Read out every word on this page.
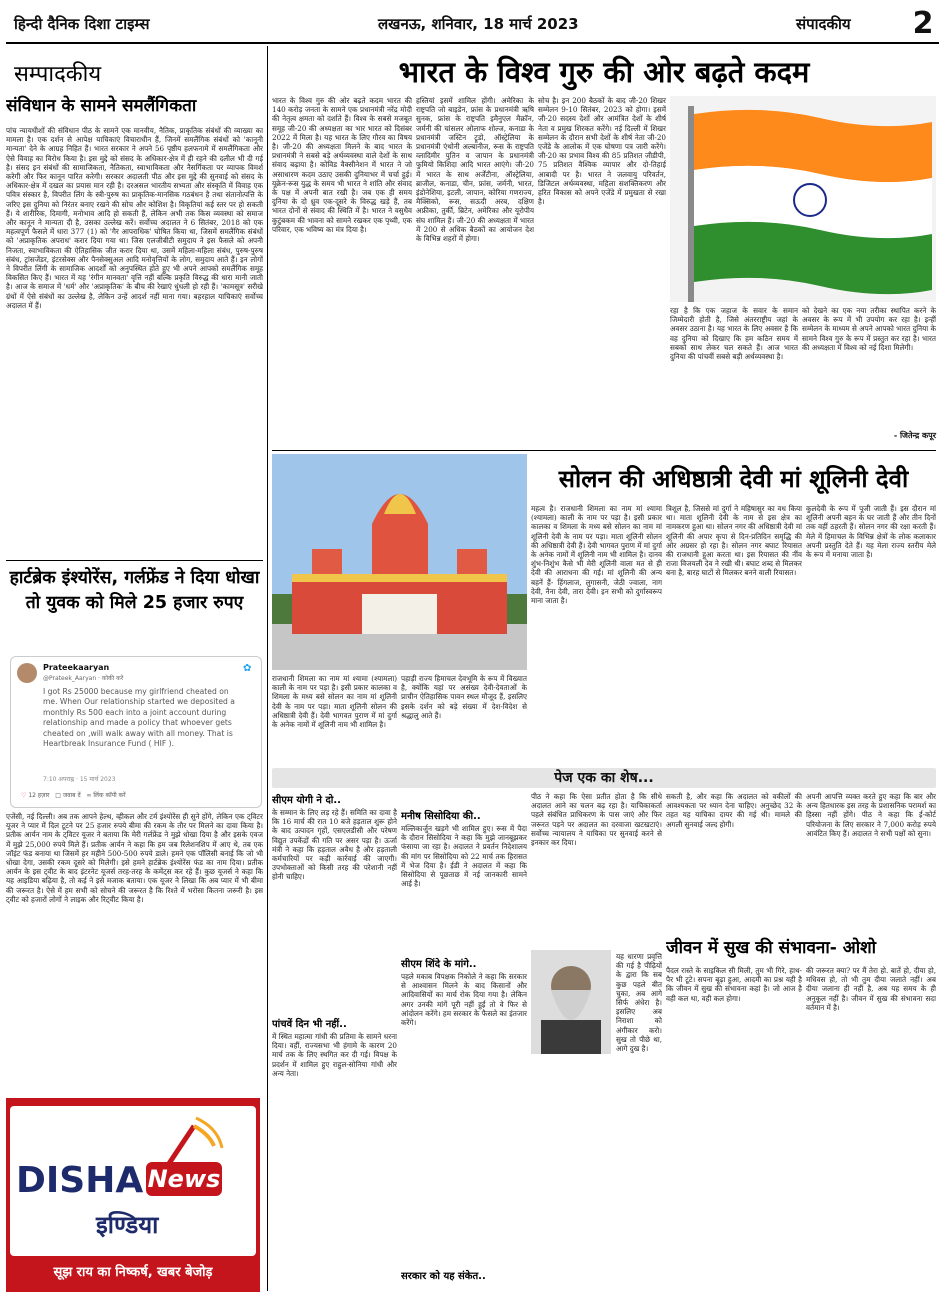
हिन्दी दैनिक दिशा टाइम्स	लखनऊ, शनिवार, 18 मार्च 2023	संपादकीय 2
सम्पादकीय
संविधान के सामने समलैंगिकता

पांच न्यायधीशों की संविधान पीठ के सामने एक मानवीय, नैतिक, प्राकृतिक संबंधों की व्याख्या का मामला है। एक दर्शन से आपेक्ष याचिकाएं विचाराधीन हैं, जिनमें समलैंगिक संबंधों को 'कानूनी मान्यता' देने के आग्रह निहित हैं। भारत सरकार ने अपने 56 पृष्ठीय हलफनामे में समलैंगिकता और ऐसे विवाह का विरोध किया है। इस मुद्दे को संसद के अधिकार-क्षेत्र में ही रहने की दलील भी दी गई है। संसद इन संबंधों की सामाजिकता, नैतिकता, स्वाभाविकता और नैसर्गिकता पर व्यापक विमर्श करेगी और फिर कानून पारित करेगी। सरकार अदालती पीठ और इस मुद्दे की सुनवाई को संसद के अधिकार-क्षेत्र में दखल का प्रयास मान रही है। दरअसल भारतीय सभ्यता और संस्कृति में विवाह एक पवित्र संस्कार है, विपरीत लिंग के स्त्री-पुरुष का प्राकृतिक-मानसिक गठबंधन है तथा संतानोत्पत्ति के जरिए इस दुनिया को निरंतर बनाए रखने की सोच और कोशिश है। विकृतियां कई स्तर पर हो सकती हैं। ये शारीरिक, दिमागी, मनोभाव आदि हो सकती हैं, लेकिन अभी तक किस व्यवस्था को समाज और कानून ने मान्यता दी है, उसका उल्लेख करें। सर्वोच्च अदालत ने 6 सितंबर, 2018 को एक महत्वपूर्ण फैसले में धारा 377 (1) को 'गैर आपराधिक' घोषित किया था, जिसमें समलैंगिक संबंधों को 'अप्राकृतिक अपराध' करार दिया गया था। जिस एलजीबीटी समुदाय ने इस फैसले को अपनी निजता, स्वाभाविकता की ऐतिहासिक जीत करार दिया था, उसमें महिला-महिला संबंध, पुरुष-पुरुष संबंध, ट्रांसजेंडर, इंटरसेक्स और पैनसेक्सुअल आदि मनोवृत्तियों के लोग, समुदाय आते हैं। इन लोगों ने विपरीत लिंगी के सामाजिक आदर्शों को अनुपस्थित होते हुए भी अपने आपको समलैंगिक समूह विकसित किए हैं। भारत में यह 'रंगीन मानवता' वृत्ति नहीं बल्कि प्रकृति विरुद्ध की धारा मानी जाती है। आज के समाज में 'धर्म' और 'अप्राकृतिक' के बीच की रेखाएं धुंधली हो रही हैं। 'कामसूत्र' सरीखे ग्रंथों में ऐसे संबंधों का उल्लेख है, लेकिन उन्हें आदर्श नहीं माना गया। बहरहाल याचिकाएं सर्वोच्च अदालत में हैं।

हार्टब्रेक इंश्योरेंस, गर्लफ्रेंड ने दिया धोखा तो युवक को मिले 25 हजार रुपए
Prateekaaryan
@Prateek_Aaryan · कोकी करें
✿
I got Rs 25000 because my girlfriend cheated on me. When Our relationship started we deposited a monthly Rs 500 each into a joint account during relationship and made a policy that whoever gets cheated on ,will walk away with all money. That is Heartbreak Insurance Fund ( HIF ).
7:10 अपराह्न · 15 मार्च 2023
♡ 12 हज़ार □ जवाब दें ∞ लिंक कॉपी करें

एजेंसी, नई दिल्ली। अब तक आपने हेल्थ, व्हीकल और टर्म इंश्योरेंस ही सुने होंगे, लेकिन एक ट्विटर यूजर ने प्यार में दिल टूटने पर 25 हजार रुपये बीमा की रकम के तौर पर मिलने का दावा किया है। प्रतीक आर्यन नाम के ट्विटर यूजर ने बताया कि मेरी गर्लफ्रेंड ने मुझे धोखा दिया है और इसके एवज में मुझे 25,000 रुपये मिले हैं। प्रतीक आर्यन ने कहा कि हम जब रिलेशनशिप में आए थे, तब एक जॉइंट फंड बनाया था जिसमें हर महीने 500-500 रुपये डाले। हमने एक पॉलिसी बनाई कि जो भी धोखा देगा, उसकी रकम दूसरे को मिलेगी। इसे हमने हार्टब्रेक इंश्योरेंस फंड का नाम दिया। प्रतीक आर्यन के इस ट्वीट के बाद इंटरनेट यूजर्स तरह-तरह के कमेंट्स कर रहे हैं। कुछ यूजर्स ने कहा कि यह आइडिया बढ़िया है, तो कई ने इसे मजाक बताया। एक यूजर ने लिखा कि अब प्यार में भी बीमा की जरूरत है। ऐसे में हम सभी को सोचने की जरूरत है कि रिश्ते में भरोसा कितना जरूरी है। इस ट्वीट को हजारों लोगों ने लाइक और रिट्वीट किया है।

DISHA News
इण्डिया
सूझ राय का निष्कर्ष, खबर बेजोड़
भारत के विश्व गुरु की ओर बढ़ते कदम

भारत के विश्व गुरु की ओर बढ़ते कदम भारत की 140 करोड़ जनता के सामने एक प्रधानमंत्री नरेंद्र मोदी की नेतृत्व क्षमता को दर्शाते हैं। विश्व के सबसे मजबूत समूह जी-20 की अध्यक्षता का भार भारत को दिसंबर 2022 में मिला है। यह भारत के लिए गौरव का विषय है। जी-20 की अध्यक्षता मिलने के बाद भारत के प्रधानमंत्री ने सबसे बड़े अर्थव्यवस्था वाले देशों के साथ संवाद बढ़ाया है। कोविड वैक्सीनेशन में भारत ने जो असाधारण कदम उठाए उसकी दुनियाभर में चर्चा हुई। यूक्रेन-रूस युद्ध के समय भी भारत ने शांति और संवाद के पक्ष में अपनी बात रखी है। जब एक ही समय दुनिया के दो ध्रुव एक-दूसरे के विरुद्ध खड़े हैं, तब भारत दोनों से संवाद की स्थिति में है। भारत ने वसुधैव कुटुंबकम की भावना को सामने रखकर एक पृथ्वी, एक परिवार, एक भविष्य का मंत्र दिया है।

हस्तियां इसमें शामिल होंगी। अमेरिका के राष्ट्रपति जो बाइडेन, फ्रांस के प्रधानमंत्री ऋषि सुनक, फ्रांस के राष्ट्रपति इमैनुएल मैक्रॉन, जर्मनी की चांसलर ओलाफ शोल्ज, कनाडा के प्रधानमंत्री जस्टिन ट्रूडो, ऑस्ट्रेलिया के प्रधानमंत्री एंथोनी अल्बानीज, रूस के राष्ट्रपति व्लादिमीर पुतिन व जापान के प्रधानमंत्री फुमियो किशिदा आदि भारत आएंगे। जी-20 में भारत के साथ अर्जेंटीना, ऑस्ट्रेलिया, ब्राजील, कनाडा, चीन, फ्रांस, जर्मनी, भारत, इंडोनेशिया, इटली, जापान, कोरिया गणराज्य, मैक्सिको, रूस, सऊदी अरब, दक्षिण अफ्रीका, तुर्की, ब्रिटेन, अमेरिका और यूरोपीय संघ शामिल हैं। जी-20 की अध्यक्षता में भारत में 200 से अधिक बैठकों का आयोजन देश के विभिन्न शहरों में होगा।

सोच है। इन 200 बैठकों के बाद जी-20 शिखर सम्मेलन 9-10 सितंबर, 2023 को होगा। इसमें जी-20 सदस्य देशों और आमंत्रित देशों के शीर्ष नेता व प्रमुख शिरकत करेंगे। नई दिल्ली में शिखर सम्मेलन के दौरान सभी देशों के शीर्ष नेता जी-20 एजेंडे के आलोक में एक घोषणा पत्र जारी करेंगे। जी-20 का प्रभाव विश्व की 85 प्रतिशत जीडीपी, 75 प्रतिशत वैश्विक व्यापार और दो-तिहाई आबादी पर है। भारत ने जलवायु परिवर्तन, डिजिटल अर्थव्यवस्था, महिला सशक्तिकरण और हरित विकास को अपने एजेंडे में प्रमुखता से रखा है।

रहा है कि एक जहाज के सवार के समान जिम्मेदारी होती है, जिसे अंतरराष्ट्रीय जहां के अवसर उठाना है। यह भारत के लिए अवसर है कि वह दुनिया को दिखाए कि हम कठिन समय में सबको साथ लेकर चल सकते हैं। आज भारत दुनिया की पांचवीं सबसे बड़ी अर्थव्यवस्था है।

को देखने का एक नया तरीका स्थापित करने के अवसर के रूप में भी उपयोग कर रहा है। इन्हीं सम्मेलन के माध्यम से अपने आपको भारत दुनिया के सामने विश्व गुरु के रूप में प्रस्तुत कर रहा है। भारत की अध्यक्षता में विश्व को नई दिशा मिलेगी।

- जितेन्द्र कपूर
सोलन की अधिष्ठात्री देवी मां शूलिनी देवी

महत्व है। राजधानी शिमला का नाम मां श्यामा (श्यामला) काली के नाम पर पड़ा है। इसी प्रकार कालका व शिमला के मध्य बसे सोलन का नाम मां शूलिनी देवी के नाम पर पड़ा। माता शूलिनी सोलन की अधिष्ठात्री देवी हैं। देवी भागवत पुराण में मां दुर्गा के अनेक नामों में शूलिनी नाम भी शामिल है। दानव शुंभ-निशुंभ कैसे भी मेरी शूलिनी वाला मत से ही देवी की आराधना की गई। मां शूलिनी की अन्य बहनें हैं- हिंगलाज, लुगासनी, जेठी ज्वाला, नाग देवी, नैना देवी, तारा देवी। इन सभी को दुर्गास्वरूप माना जाता है।

त्रिशूल है, जिससे मां दुर्गा ने महिषासुर का वध किया था। माता शूलिनी देवी के नाम से इस क्षेत्र का नामकरण हुआ था। सोलन नगर की अधिष्ठात्री देवी मां शूलिनी की अपार कृपा से दिन-प्रतिदिन समृद्धि की ओर अग्रसर हो रहा है। सोलन नगर बघाट रियासत की राजधानी हुआ करता था। इस रियासत की नींव राजा विजयली देव ने रखी थी। बघाट शब्द से मिलकर बना है, बारह घाटों से मिलकर बनने वाली रियासत।

कुलदेवी के रूप में पूजी जाती हैं। इस दौरान मां शूलिनी अपनी बहन के घर जाती हैं और तीन दिनों तक वहीं ठहरती हैं। सोलन नगर की रक्षा करती हैं। मेले में हिमाचल के विभिन्न क्षेत्रों के लोक कलाकार अपनी प्रस्तुति देते हैं। यह मेला राज्य स्तरीय मेले के रूप में मनाया जाता है।

राजधानी शिमला का नाम मां श्यामा (श्यामला) काली के नाम पर पड़ा है। इसी प्रकार कालका व शिमला के मध्य बसे सोलन का नाम मां शूलिनी देवी के नाम पर पड़ा। माता शूलिनी सोलन की अधिष्ठात्री देवी हैं। देवी भागवत पुराण में मां दुर्गा के अनेक नामों में शूलिनी नाम भी शामिल है।

पहाड़ी राज्य हिमाचल देवभूमि के रूप में विख्यात है, क्योंकि यहां पर असंख्य देवी-देवताओं के प्राचीन ऐतिहासिक पावन स्थल मौजूद हैं, इसलिए इसके दर्शन को बड़े संख्या में देश-विदेश से श्रद्धालु आते हैं।

पेज एक का शेष...
सीएम योगी ने दो..

के सम्मान के लिए लड़ रहे हैं। समिति का दावा है कि 16 मार्च की रात 10 बजे हड़ताल शुरू होने के बाद उत्पादन गृहों, एसएलडीसी और परेषण विद्युत उपकेंद्रों की गति पर असर पड़ा है। ऊर्जा मंत्री ने कहा कि हड़ताल अवैध है और हड़ताली कर्मचारियों पर कड़ी कार्रवाई की जाएगी। उपभोक्ताओं को किसी तरह की परेशानी नहीं होनी चाहिए।

मनीष सिसोदिया की..

मल्लिकार्जुन खड़गे भी शामिल हुए। रूस में पैदा के दौरान सिसोदिया ने कहा कि मुझे जानबूझकर फंसाया जा रहा है। अदालत ने प्रवर्तन निदेशालय की मांग पर सिसोदिया को 22 मार्च तक हिरासत में भेज दिया है। ईडी ने अदालत में कहा कि सिसोदिया से पूछताछ में नई जानकारी सामने आई है।

सीएम शिंदे के मांगे..

पहले मकाब विपक्षक निकोले ने कहा कि सरकार से आश्वासन मिलने के बाद किसानों और आदिवासियों का मार्च रोक दिया गया है। लेकिन अगर उनकी मांगें पूरी नहीं हुईं तो वे फिर से आंदोलन करेंगे। हम सरकार के फैसले का इंतजार करेंगे।

पांचवें दिन भी नहीं..

में स्थित महात्मा गांधी की प्रतिमा के सामने धरना दिया। वहीं, राज्यसभा भी हंगामे के कारण 20 मार्च तक के लिए स्थगित कर दी गई। विपक्ष के प्रदर्शन में शामिल हुए राहुल-सोनिया गांधी और अन्य नेता।

पीठ ने कहा कि ऐसा प्रतीत होता है कि सीधे अदालत आने का चलन बढ़ रहा है। याचिकाकर्ता पहले संबंधित प्राधिकरण के पास जाएं और फिर जरूरत पड़ने पर अदालत का दरवाजा खटखटाएं। सर्वोच्च न्यायालय ने याचिका पर सुनवाई करने से इनकार कर दिया।

सकती है, और कहा कि अदालत को वकीलों की आवश्यकता पर ध्यान देना चाहिए। अनुच्छेद 32 के तहत यह याचिका दायर की गई थी। मामले की अगली सुनवाई जल्द होगी।

अपनी आपत्ति व्यक्त करते हुए कहा कि बार और अन्य हितधारक इस तरह के प्रशासनिक परामर्श का हिस्सा नहीं होंगे। पीठ ने कहा कि ई-कोर्ट परियोजना के लिए सरकार ने 7,000 करोड़ रुपये आवंटित किए हैं। अदालत ने सभी पक्षों को सुना।

जीवन में सुख की संभावना- ओशो

यह धारणा प्रवृत्ति की गई है पीढ़ियों के द्वारा कि सब कुछ पहले बीत चुका, अब आगे सिर्फ अंधेरा है। इसलिए अब निराशा को अंगीकार करो। सुख तो पीछे था, आगे दुख है।

पैदल रास्ते के साइकिल सी मिली, तुम भी गिरे, हाथ-पैर भी टूटे। सपना बूढ़ा हुआ, आदमी का प्रश्न यही है कि जीवन में सुख की संभावना कहां है। जो आज है वही कल था, वही कल होगा।

की जरूरत क्या? पर मैं तेरा हो. बातें हो, दीया हो, मधिवस हो, तो भी तुम दीया जलाते नहीं। अब दीया जलाना ही नहीं है, अब यह समय के ही अनुकूल नहीं है। जीवन में सुख की संभावना सदा वर्तमान में है।

सरकार को यह संकेत..
